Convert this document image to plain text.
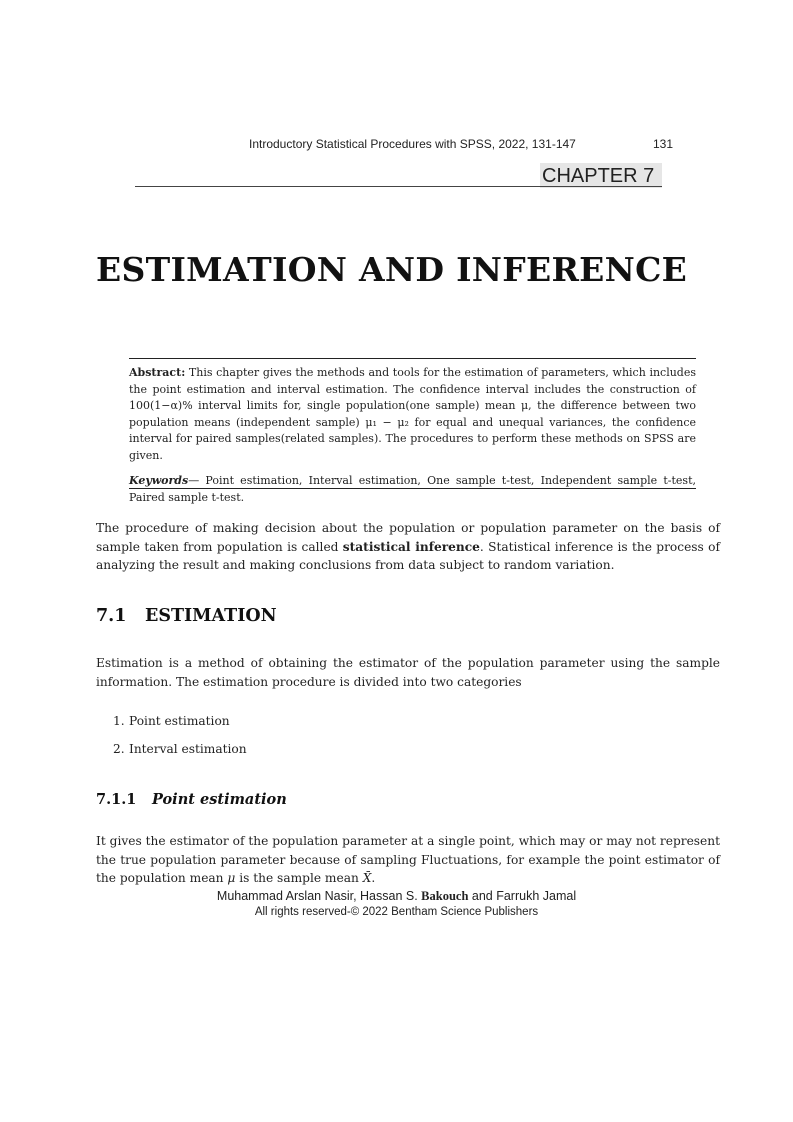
Introductory Statistical Procedures with SPSS, 2022, 131-147	131
CHAPTER 7
ESTIMATION AND INFERENCE

Abstract: This chapter gives the methods and tools for the estimation of parameters, which includes the point estimation and interval estimation. The confidence interval includes the construction of 100(1−α)% interval limits for, single population(one sample) mean μ, the difference between two population means (independent sample) μ₁ − μ₂ for equal and unequal variances, the confidence interval for paired samples(related samples). The procedures to perform these methods on SPSS are given.

Keywords— Point estimation, Interval estimation, One sample t-test, Independent sample t-test, Paired sample t-test.

The procedure of making decision about the population or population parameter on the basis of sample taken from population is called statistical inference. Statistical inference is the process of analyzing the result and making conclusions from data subject to random variation.

7.1 ESTIMATION

Estimation is a method of obtaining the estimator of the population parameter using the sample information. The estimation procedure is divided into two categories

1. Point estimation
2. Interval estimation
7.1.1 Point estimation

It gives the estimator of the population parameter at a single point, which may or may not represent the true population parameter because of sampling Fluctuations, for example the point estimator of the population mean μ is the sample mean X̄.

Muhammad Arslan Nasir, Hassan S. Bakouch and Farrukh Jamal
All rights reserved-© 2022 Bentham Science Publishers
